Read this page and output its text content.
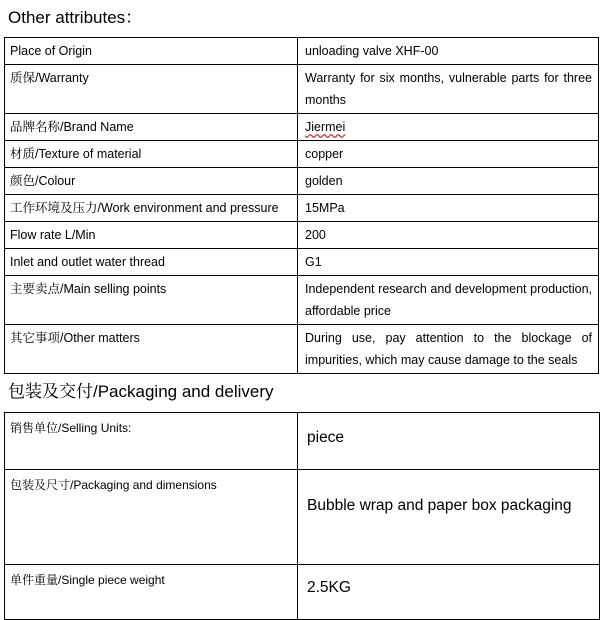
Other attributes：
Place of Origin	unloading valve XHF-00
质保/Warranty	Warranty for six months, vulnerable parts for three months
品牌名称/Brand Name	Jiermei
材质/Texture of material	copper
颜色/Colour	golden
工作环境及压力/Work environment and pressure	15MPa
Flow rate L/Min	200
Inlet and outlet water thread	G1
主要卖点/Main selling points	Independent research and development production, affordable price
其它事项/Other matters	During use, pay attention to the blockage of impurities, which may cause damage to the seals
包装及交付/Packaging and delivery
销售单位/Selling Units:	piece
包装及尺寸/Packaging and dimensions	Bubble wrap and paper box packaging
单件重量/Single piece weight	2.5KG
